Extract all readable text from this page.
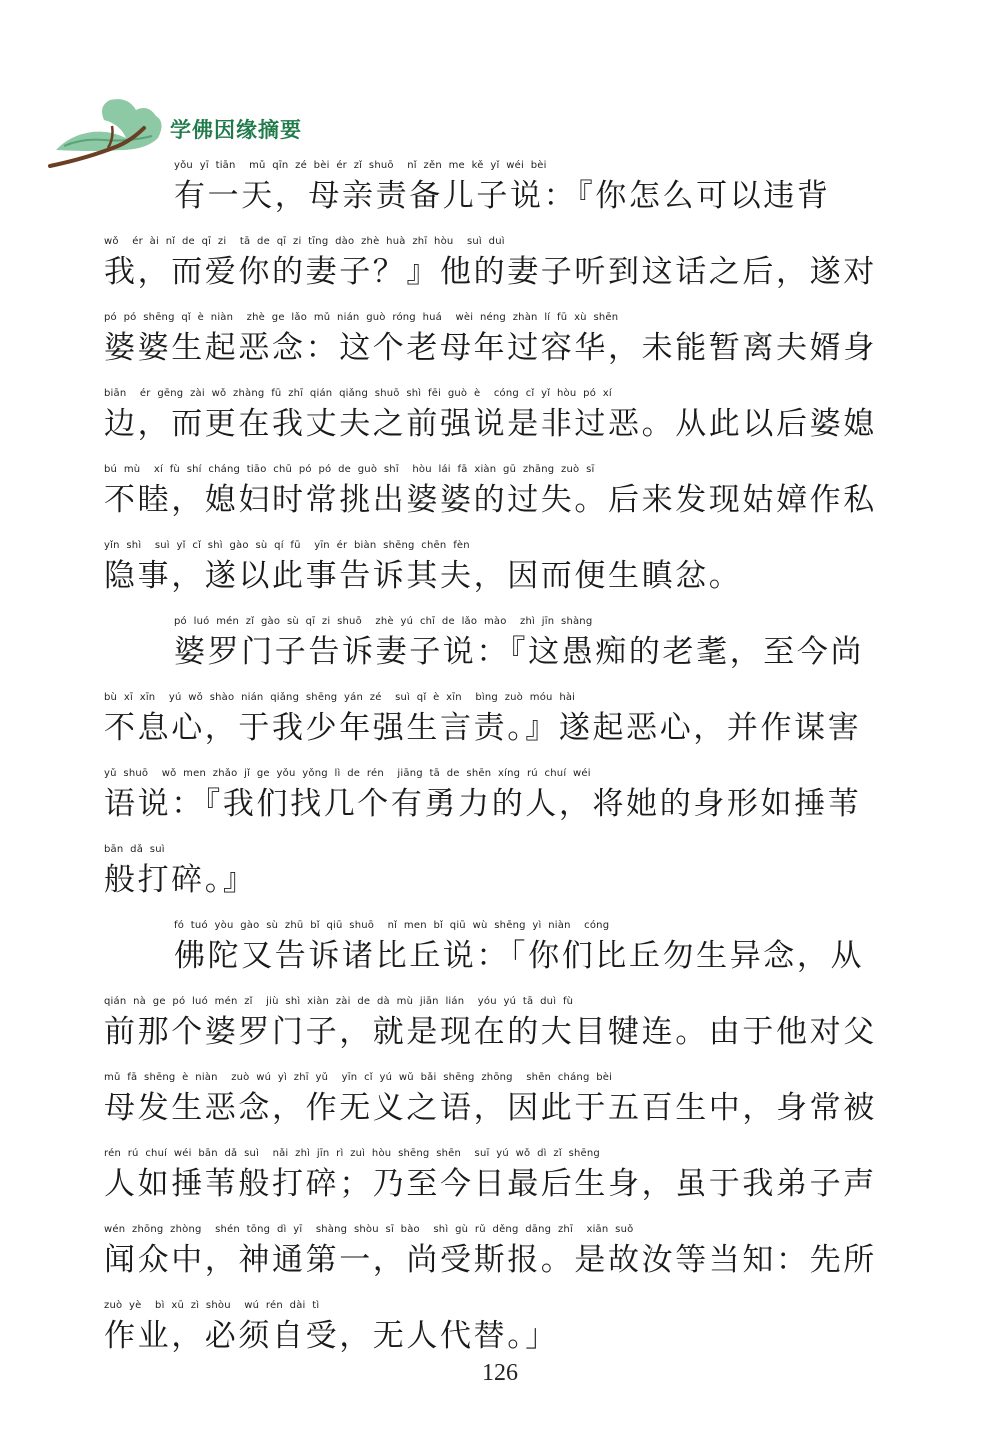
学佛因缘摘要
yǒu  yī  tiān    mǔ  qīn  zé  bèi  ér  zǐ  shuō    nǐ  zěn  me  kě  yǐ  wéi  bèi
有一天，母亲责备儿子说：『你怎么可以违背
wǒ    ér  ài  nǐ  de  qī  zi    tā  de  qī  zi  tīng  dào  zhè  huà  zhī  hòu    suì  duì
我，而爱你的妻子？』他的妻子听到这话之后，遂对
pó  pó  shēng  qǐ  è  niàn    zhè  ge  lǎo  mǔ  nián  guò  róng  huá    wèi  néng  zhàn  lí  fū  xù  shēn
婆婆生起恶念：这个老母年过容华，未能暂离夫婿身
biān    ér  gēng  zài  wǒ  zhàng  fū  zhī  qián  qiǎng  shuō  shì  fēi  guò  è    cóng  cǐ  yǐ  hòu  pó  xí
边，而更在我丈夫之前强说是非过恶。从此以后婆媳
bú  mù    xí  fù  shí  cháng  tiāo  chū  pó  pó  de  guò  shī    hòu  lái  fā  xiàn  gū  zhāng  zuò  sī
不睦，媳妇时常挑出婆婆的过失。后来发现姑嫜作私
yǐn  shì    suì  yǐ  cǐ  shì  gào  sù  qí  fū    yīn  ér  biàn  shēng  chēn  fèn
隐事，遂以此事告诉其夫，因而便生瞋忿。
pó  luó  mén  zǐ  gào  sù  qī  zi  shuō    zhè  yú  chī  de  lǎo  mào    zhì  jīn  shàng
婆罗门子告诉妻子说：『这愚痴的老耄，至今尚
bù  xī  xīn    yú  wǒ  shào  nián  qiǎng  shēng  yán  zé    suì  qǐ  è  xīn    bìng  zuò  móu  hài
不息心，于我少年强生言责。』遂起恶心，并作谋害
yǔ  shuō    wǒ  men  zhǎo  jǐ  ge  yǒu  yǒng  lì  de  rén    jiāng  tā  de  shēn  xíng  rú  chuí  wéi
语说：『我们找几个有勇力的人，将她的身形如捶苇
bān  dǎ  suì
般打碎。』
fó  tuó  yòu  gào  sù  zhū  bǐ  qiū  shuō    nǐ  men  bǐ  qiū  wù  shēng  yì  niàn    cóng
佛陀又告诉诸比丘说：「你们比丘勿生异念，从
qián  nà  ge  pó  luó  mén  zǐ    jiù  shì  xiàn  zài  de  dà  mù  jiān  lián    yóu  yú  tā  duì  fù
前那个婆罗门子，就是现在的大目犍连。由于他对父
mǔ  fā  shēng  è  niàn    zuò  wú  yì  zhī  yǔ    yīn  cǐ  yú  wǔ  bǎi  shēng  zhōng    shēn  cháng  bèi
母发生恶念，作无义之语，因此于五百生中，身常被
rén  rú  chuí  wéi  bān  dǎ  suì    nǎi  zhì  jīn  rì  zuì  hòu  shēng  shēn    suī  yú  wǒ  dì  zǐ  shēng
人如捶苇般打碎；乃至今日最后生身，虽于我弟子声
wén  zhōng  zhòng    shén  tōng  dì  yī    shàng  shòu  sī  bào    shì  gù  rǔ  děng  dāng  zhī    xiān  suǒ
闻众中，神通第一，尚受斯报。是故汝等当知：先所
zuò  yè    bì  xū  zì  shòu    wú  rén  dài  tì
作业，必须自受，无人代替。」
126
